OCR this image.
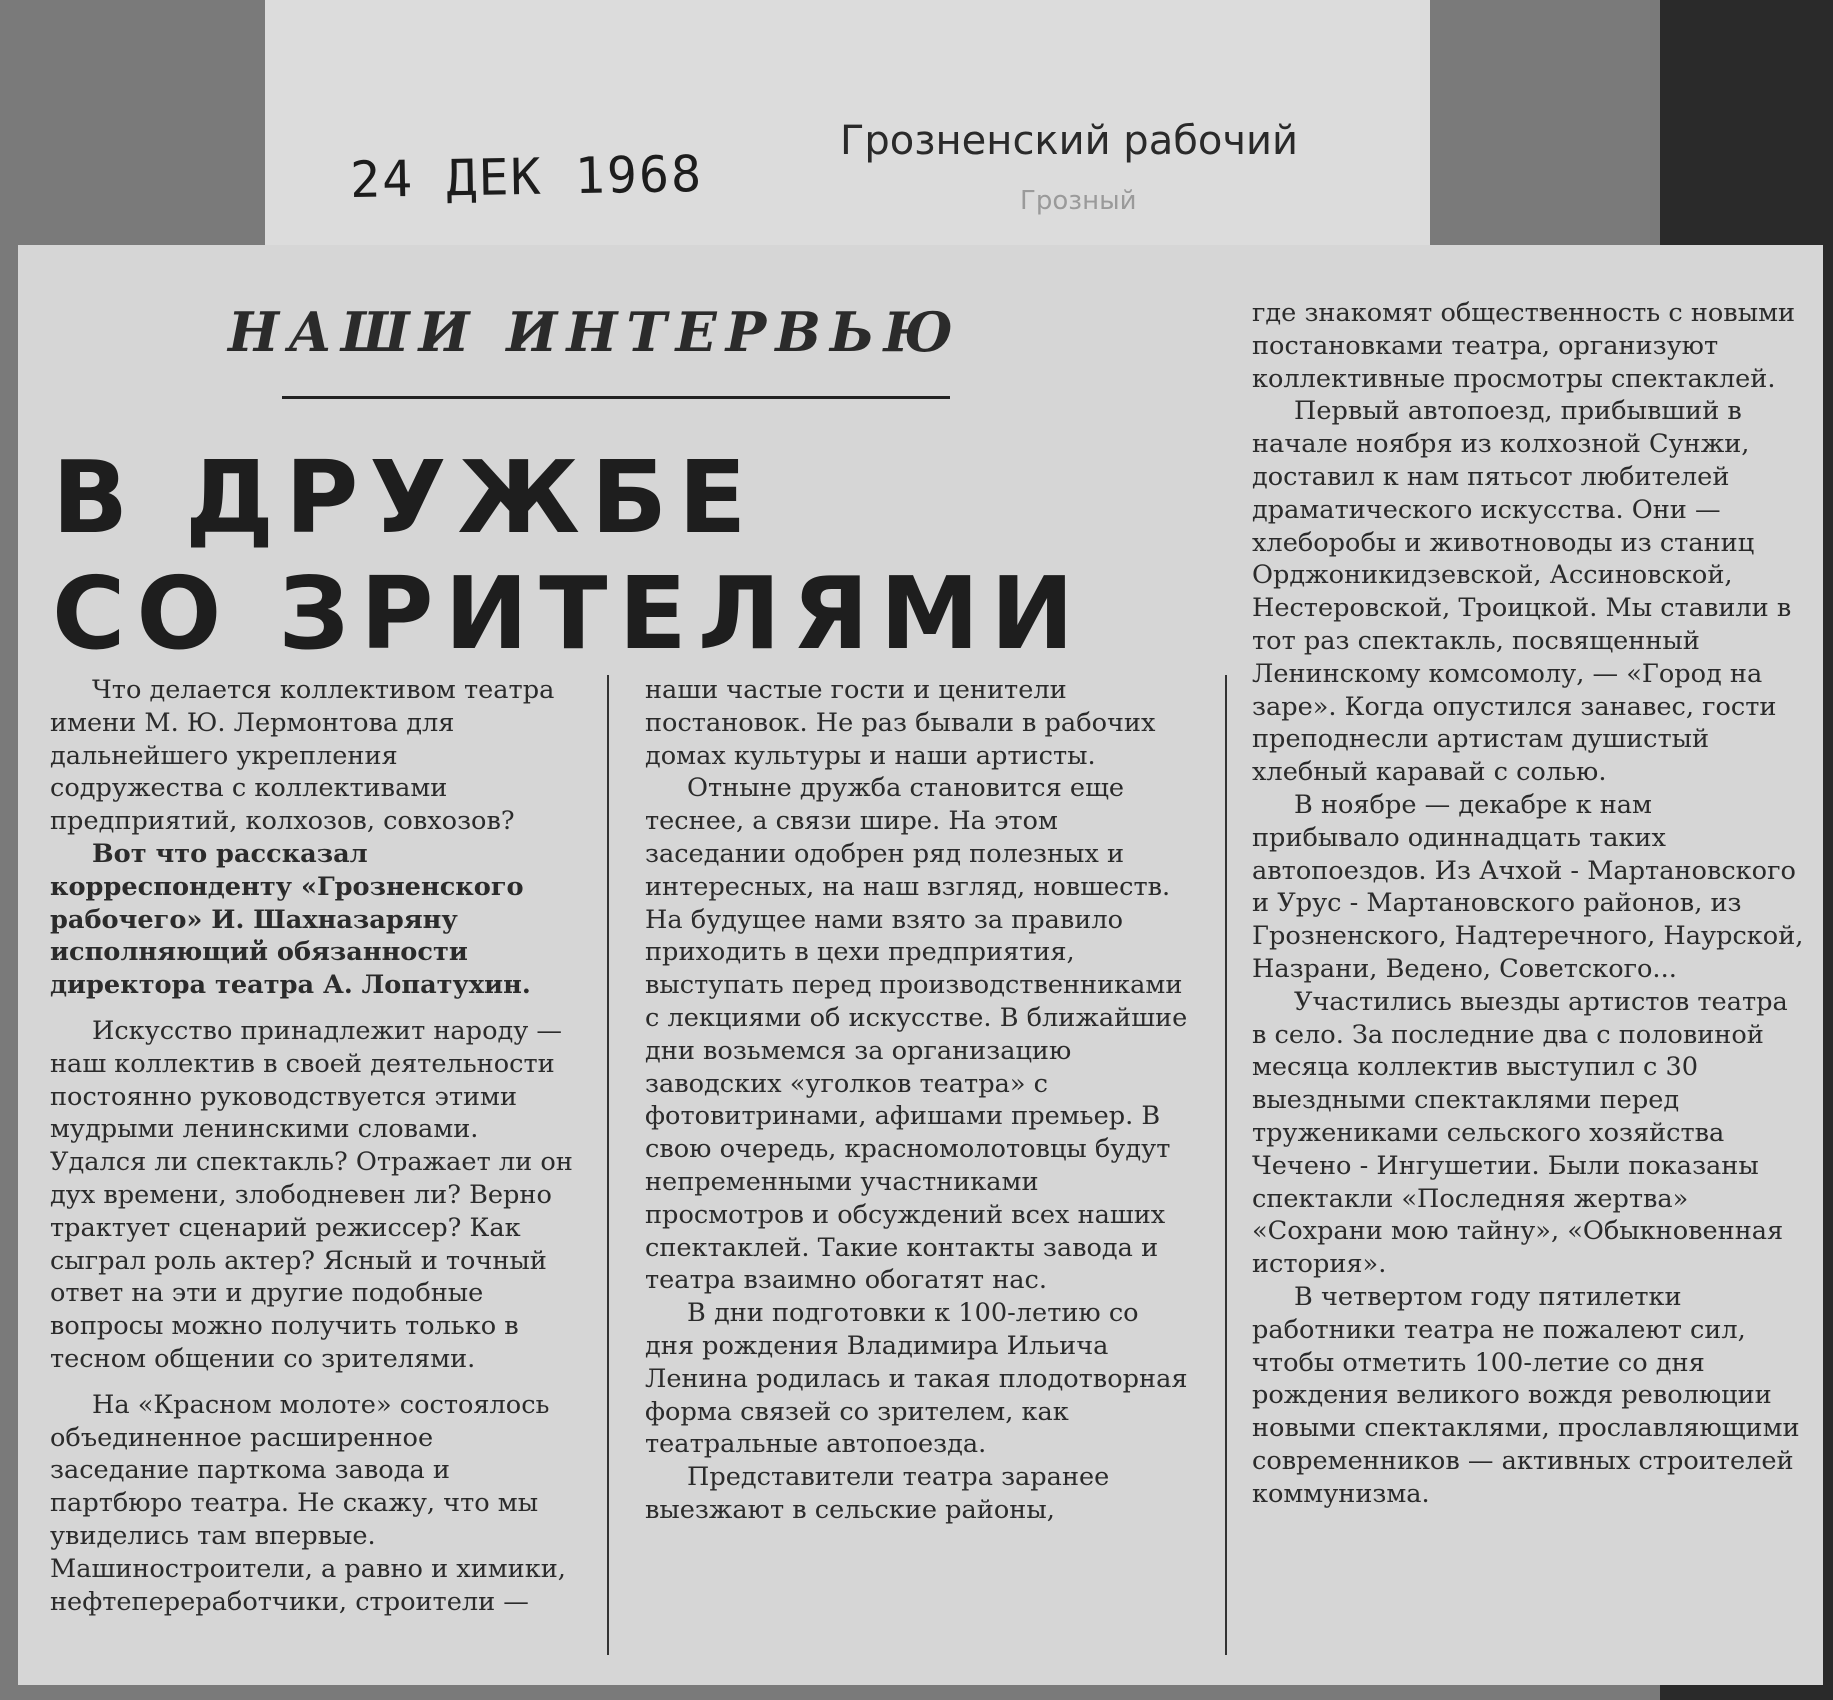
24 ДЕК 1968
Грозненский рабочий
Грозный
НАШИ ИНТЕРВЬЮ
В ДРУЖБЕ
СО ЗРИТЕЛЯМИ

Что делается коллективом театра имени М. Ю. Лермонтова для дальнейшего укрепления содружества с коллективами предприятий, колхозов, совхозов?

Вот что рассказал корреспонденту «Грозненского рабочего» И. Шахназаряну исполняющий обязанности директора театра А. Лопатухин.

Искусство принадлежит народу — наш коллектив в своей деятельности постоянно руководствуется этими мудрыми ленинскими словами. Удался ли спектакль? Отражает ли он дух времени, злободневен ли? Верно трактует сценарий режиссер? Как сыграл роль актер? Ясный и точный ответ на эти и другие подобные вопросы можно получить только в тесном общении со зрителями.

На «Красном молоте» состоялось объединенное расширенное заседание парткома завода и партбюро театра. Не скажу, что мы увиделись там впервые. Машиностроители, а равно и химики, нефтепереработчики, строители —

наши частые гости и ценители постановок. Не раз бывали в рабочих домах культуры и наши артисты.

Отныне дружба становится еще теснее, а связи шире. На этом заседании одобрен ряд полезных и интересных, на наш взгляд, новшеств. На будущее нами взято за правило приходить в цехи предприятия, выступать перед производственниками с лекциями об искусстве. В ближайшие дни возьмемся за организацию заводских «уголков театра» с фотовитринами, афишами премьер. В свою очередь, красномолотовцы будут непременными участниками просмотров и обсуждений всех наших спектаклей. Такие контакты завода и театра взаимно обогатят нас.

В дни подготовки к 100-летию со дня рождения Владимира Ильича Ленина родилась и такая плодотворная форма связей со зрителем, как театральные автопоезда.

Представители театра заранее выезжают в сельские районы,

где знакомят общественность с новыми постановками театра, организуют коллективные просмотры спектаклей.

Первый автопоезд, прибывший в начале ноября из колхозной Сунжи, доставил к нам пятьсот любителей драматического искусства. Они — хлеборобы и животноводы из станиц Орджоникидзевской, Ассиновской, Нестеровской, Троицкой. Мы ставили в тот раз спектакль, посвященный Ленинскому комсомолу, — «Город на заре». Когда опустился занавес, гости преподнесли артистам душистый хлебный каравай с солью.

В ноябре — декабре к нам прибывало одиннадцать таких автопоездов. Из Ачхой - Мартановского и Урус - Мартановского районов, из Грозненского, Надтеречного, Наурской, Назрани, Ведено, Советского...

Участились выезды артистов театра в село. За последние два с половиной месяца коллектив выступил с 30 выездными спектаклями перед тружениками сельского хозяйства Чечено - Ингушетии. Были показаны спектакли «Последняя жертва» «Сохрани мою тайну», «Обыкновенная история».

В четвертом году пятилетки работники театра не пожалеют сил, чтобы отметить 100-летие со дня рождения великого вождя революции новыми спектаклями, прославляющими современников — активных строителей коммунизма.
